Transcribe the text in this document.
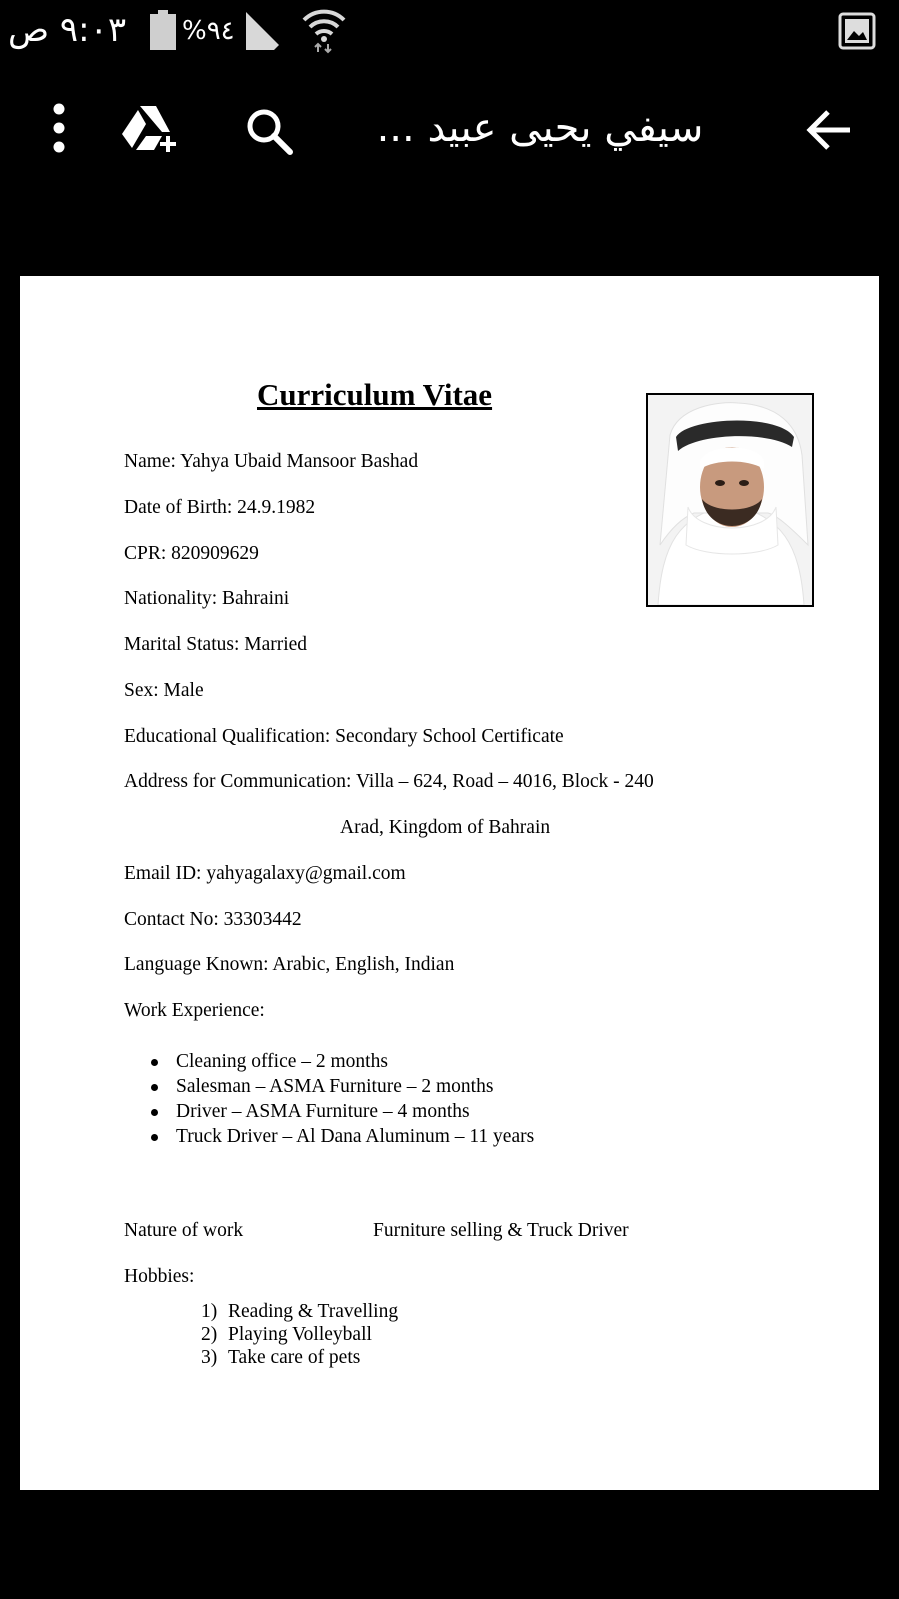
٩:٠٣ ص %٩٤
سيفي يحيى عبيد ...
Curriculum Vitae
Name: Yahya Ubaid Mansoor Bashad
Date of Birth: 24.9.1982
CPR: 820909629
Nationality: Bahraini
Marital Status: Married
Sex: Male
Educational Qualification: Secondary School Certificate
Address for Communication: Villa – 624, Road – 4016, Block - 240
Arad, Kingdom of Bahrain
Email ID: yahyagalaxy@gmail.com
Contact No: 33303442
Language Known: Arabic, English, Indian
Work Experience:
Cleaning office – 2 months
Salesman – ASMA Furniture – 2 months
Driver – ASMA Furniture – 4 months
Truck Driver – Al Dana Aluminum – 11 years
Nature of work	Furniture selling & Truck Driver
Hobbies:
1) Reading & Travelling
2) Playing Volleyball
3) Take care of pets
